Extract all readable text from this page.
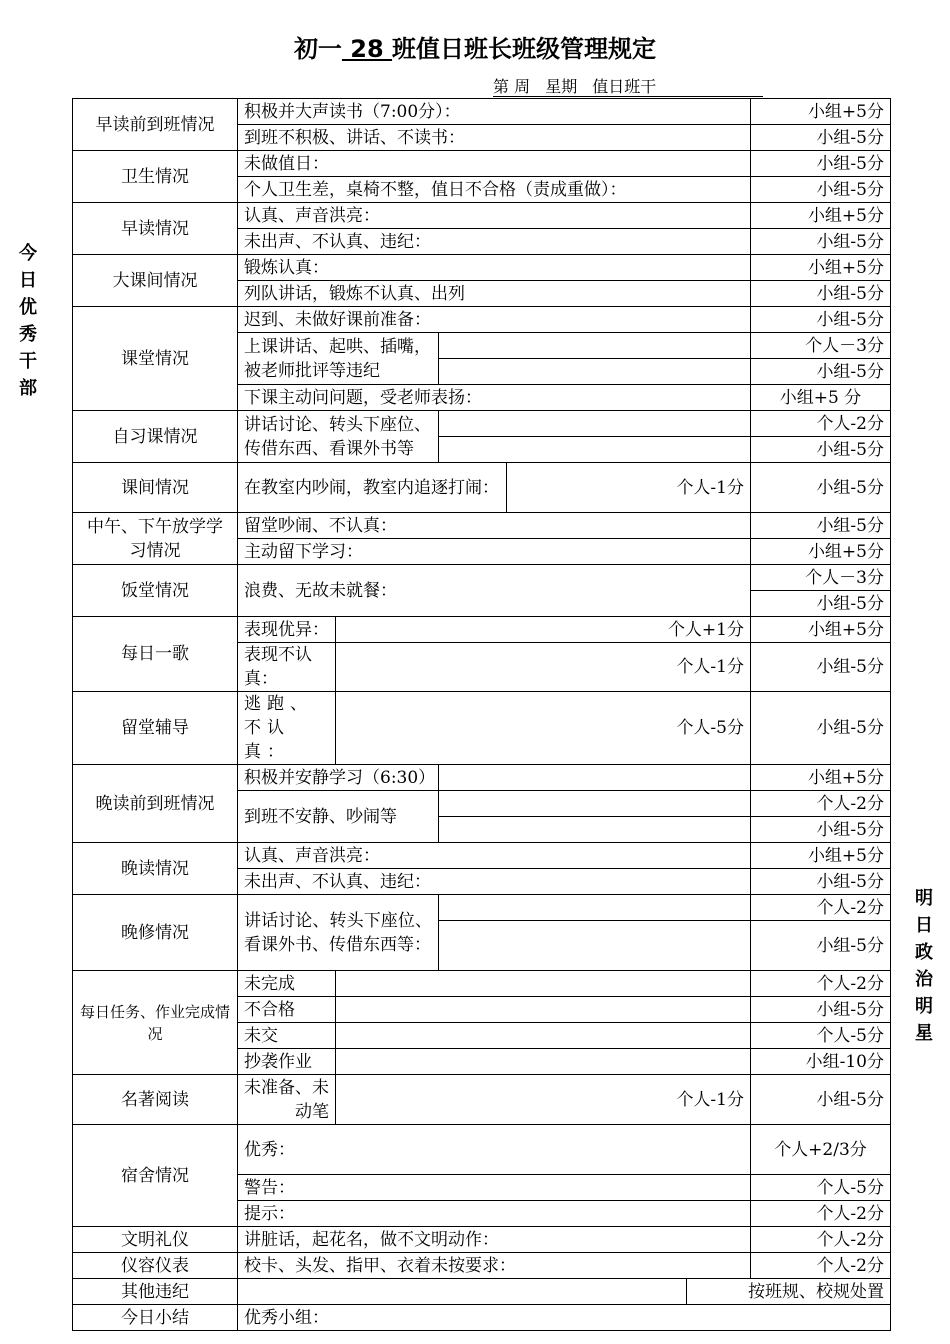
初一 28 班值日班长班级管理规定
第 周 星期 值日班干
今
日
优
秀
干
部
明
日
政
治
明
星
早读前到班情况	积极并大声读书（7:00分）：					小组+5分
	到班不积极、讲话、不读书：					小组-5分
卫生情况	未做值日：					小组-5分
	个人卫生差，桌椅不整，值日不合格（责成重做）：					小组-5分
早读情况	认真、声音洪亮：					小组+5分
	未出声、不认真、违纪：					小组-5分
大课间情况	锻炼认真：					小组+5分
	列队讲话，锻炼不认真、出列					小组-5分
课堂情况	迟到、未做好课前准备：					小组-5分
	上课讲话、起哄、插嘴，被老师批评等违纪					个人－3分
						小组-5分
	下课主动问问题，受老师表扬：					小组+5 分
自习课情况	讲话讨论、转头下座位、传借东西、看课外书等					个人-2分
						小组-5分
课间情况	在教室内吵闹，教室内追逐打闹：			个人-1分		小组-5分
中午、下午放学学习情况	留堂吵闹、不认真：					小组-5分
	主动留下学习：					小组+5分
饭堂情况	浪费、无故未就餐：					个人－3分
						小组-5分
每日一歌	表现优异：	个人+1分				小组+5分
	表现不认真：	个人-1分				小组-5分
留堂辅导	逃跑、不认真：	个人-5分				小组-5分
晚读前到班情况	积极并安静学习（6:30）					小组+5分
	到班不安静、吵闹等					个人-2分
						小组-5分
晚读情况	认真、声音洪亮：					小组+5分
	未出声、不认真、违纪：					小组-5分
晚修情况	讲话讨论、转头下座位、看课外书、传借东西等：					个人-2分
						小组-5分
每日任务、作业完成情况	未完成					个人-2分
	不合格					小组-5分
	未交					个人-5分
	抄袭作业					小组-10分
名著阅读	未准备、未动笔	个人-1分				小组-5分
宿舍情况	优秀：					个人+2/3分
	警告：					个人-5分
	提示：					个人-2分
文明礼仪	讲脏话，起花名，做不文明动作：					个人-2分
仪容仪表	校卡、头发、指甲、衣着未按要求：					个人-2分
其他违纪					按班规、校规处置	
今日小结	优秀小组：					
